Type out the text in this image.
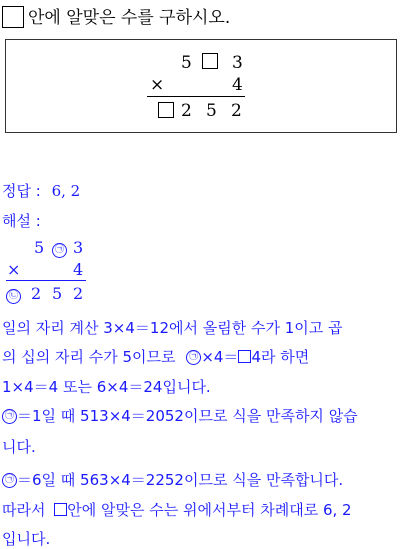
안에 알맞은 수를 구하시오.
5 3
×	4
2 5 2
정답 : 6, 2
해설 :
5	㉠ 3
×	4
㉡ 2 5 2
일의 자리 계산 3×4＝12에서 올림한 수가 1이고 곱
의 십의 자리 수가 5이므로 ㉠ ×4＝ 4라 하면
1×4＝4 또는 6×4＝24입니다.
㉠ ＝1일 때 513×4＝2052이므로 식을 만족하지 않습
니다.
㉠ ＝6일 때 563×4＝2252이므로 식을 만족합니다.
따라서 안에 알맞은 수는 위에서부터 차례대로 6, 2
입니다.
